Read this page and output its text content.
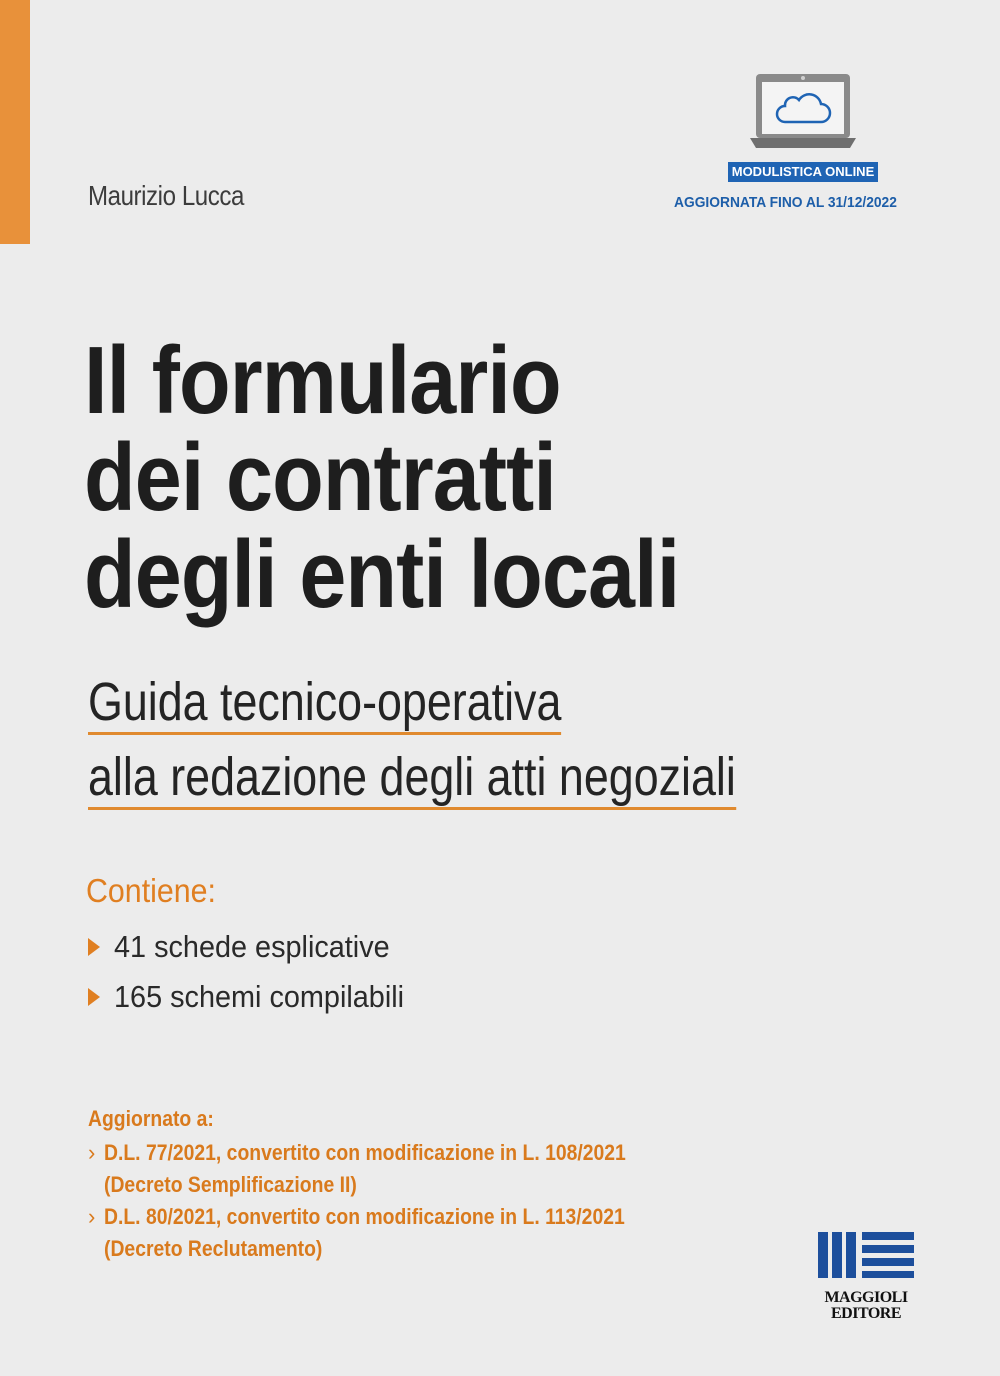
Maurizio Lucca
MODULISTICA ONLINE
AGGIORNATA FINO AL 31/12/2022
Il formulario
dei contratti
degli enti locali
Guida tecnico-operativa
alla redazione degli atti negoziali
Contiene:
41 schede esplicative
165 schemi compilabili
Aggiornato a:
› D.L. 77/2021, convertito con modificazione in L. 108/2021
(Decreto Semplificazione II)
› D.L. 80/2021, convertito con modificazione in L. 113/2021
(Decreto Reclutamento)
MAGGIOLI
EDITORE
